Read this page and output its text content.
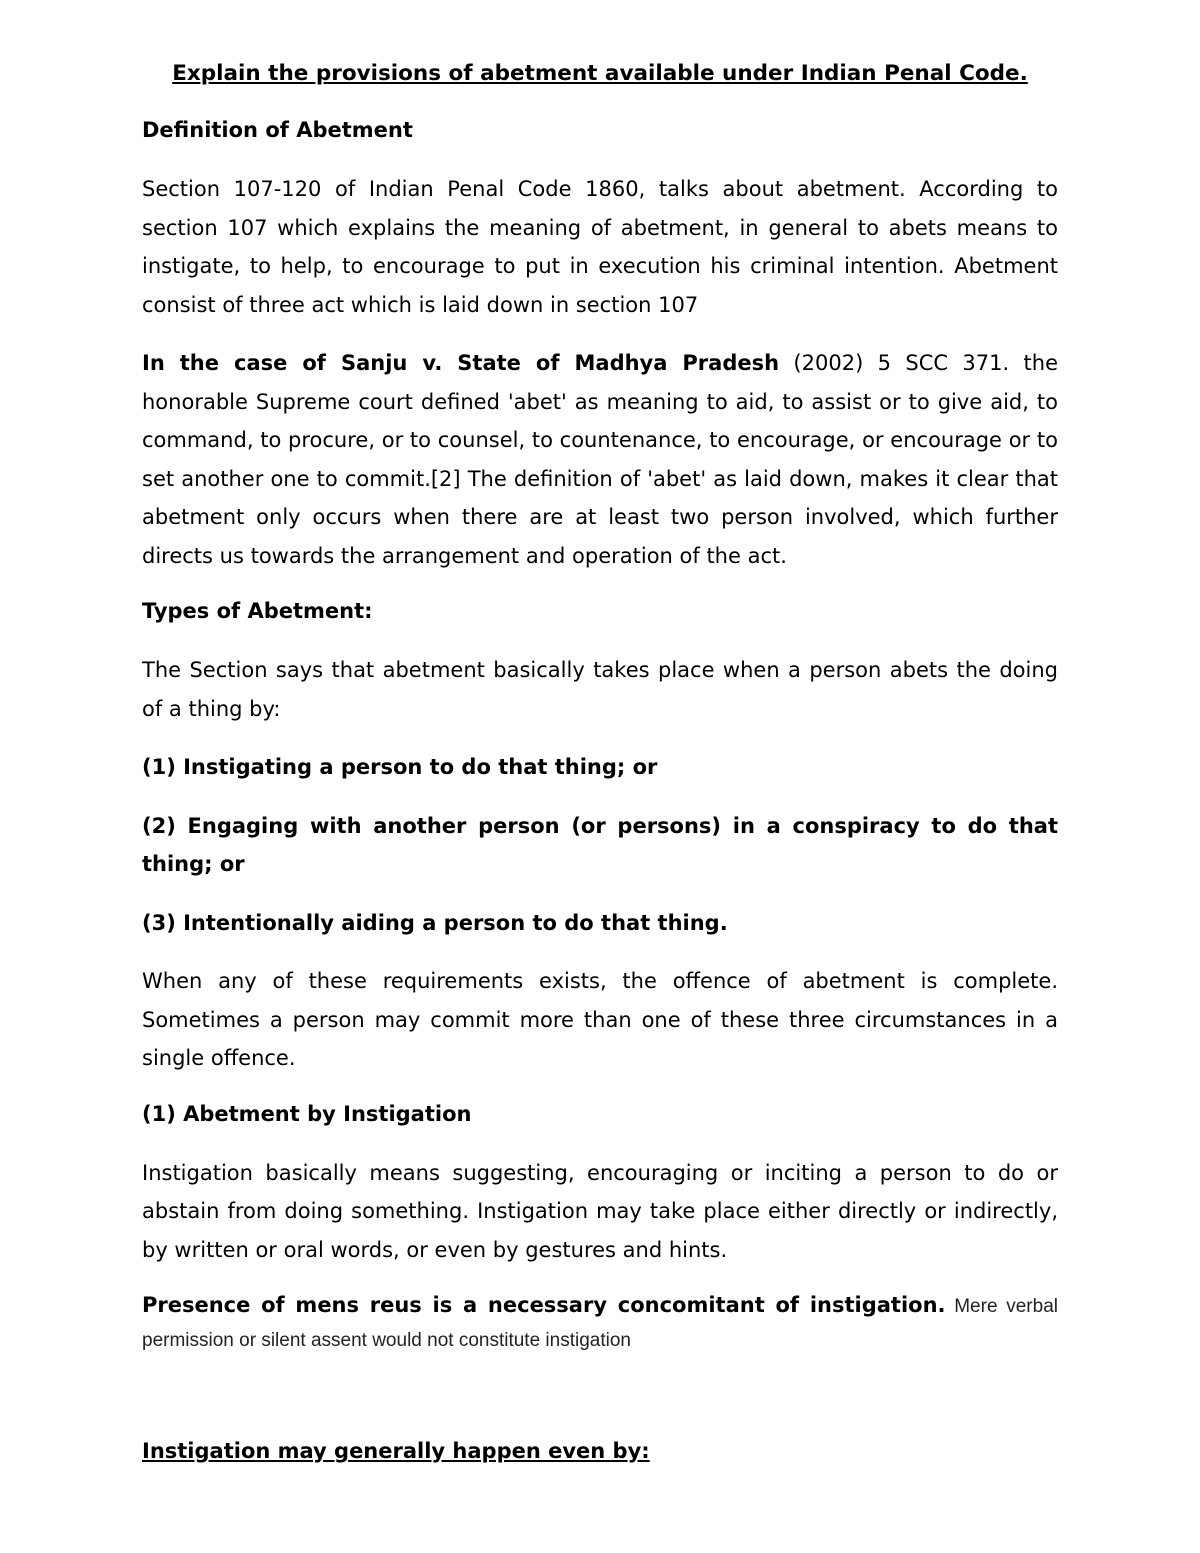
Explain the provisions of abetment available under Indian Penal Code.

Definition of Abetment

Section 107-120 of Indian Penal Code 1860, talks about abetment. According to section 107 which explains the meaning of abetment, in general to abets means to instigate, to help, to encourage to put in execution his criminal intention. Abetment consist of three act which is laid down in section 107

In the case of Sanju v. State of Madhya Pradesh (2002) 5 SCC 371. the honorable Supreme court defined 'abet' as meaning to aid, to assist or to give aid, to command, to procure, or to counsel, to countenance, to encourage, or encourage or to set another one to commit.[2] The definition of 'abet' as laid down, makes it clear that abetment only occurs when there are at least two person involved, which further directs us towards the arrangement and operation of the act.

Types of Abetment:

The Section says that abetment basically takes place when a person abets the doing of a thing by:

(1) Instigating a person to do that thing; or

(2) Engaging with another person (or persons) in a conspiracy to do that thing; or

(3) Intentionally aiding a person to do that thing.

When any of these requirements exists, the offence of abetment is complete. Sometimes a person may commit more than one of these three circumstances in a single offence.

(1) Abetment by Instigation

Instigation basically means suggesting, encouraging or inciting a person to do or abstain from doing something. Instigation may take place either directly or indirectly, by written or oral words, or even by gestures and hints.

Presence of mens reus is a necessary concomitant of instigation. Mere verbal permission or silent assent would not constitute instigation

Instigation may generally happen even by:
